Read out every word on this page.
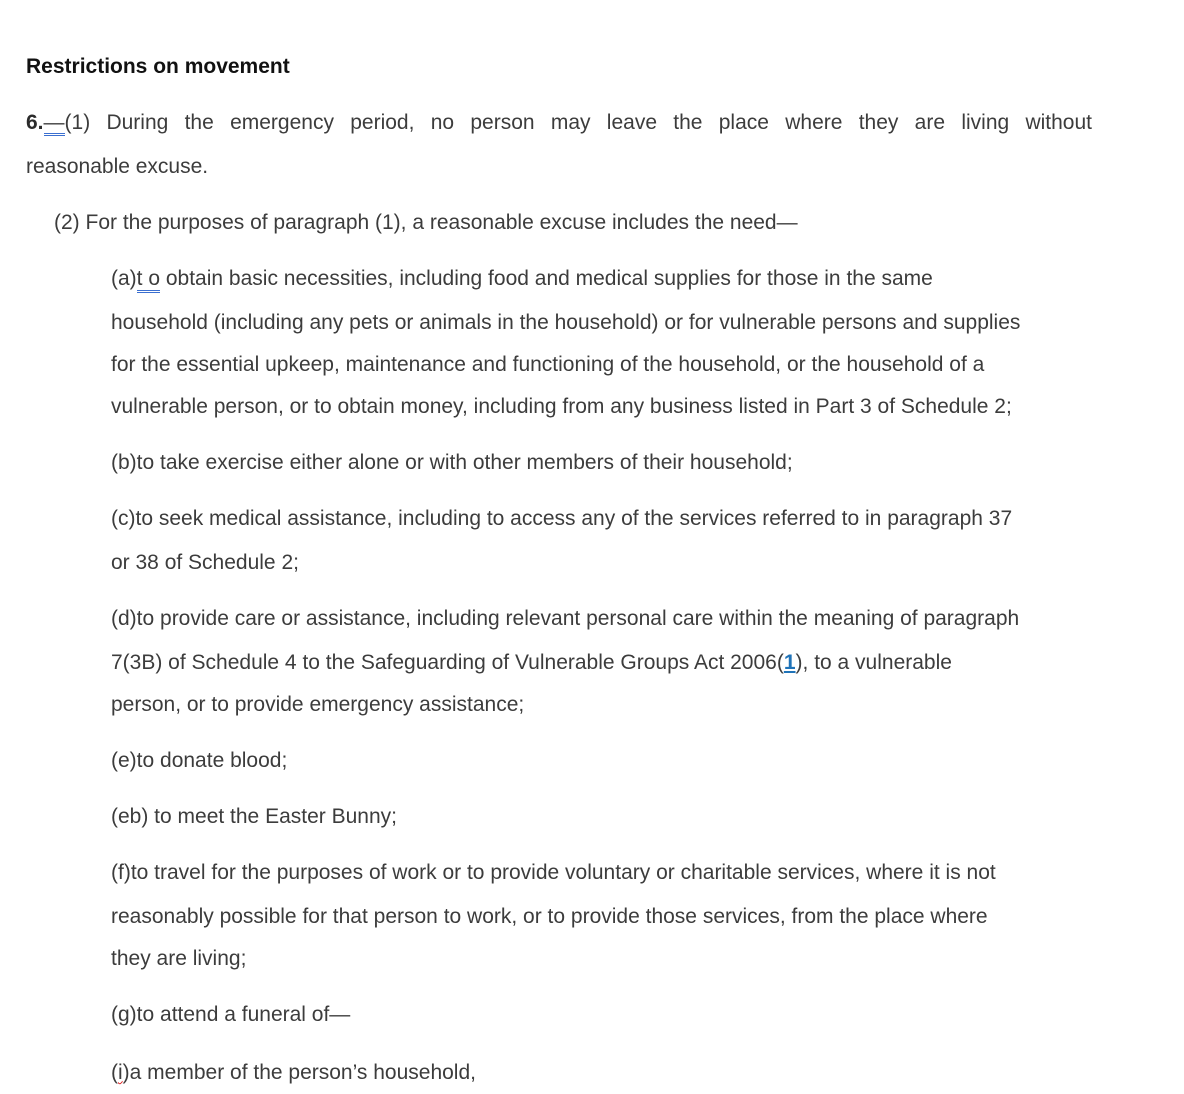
Restrictions on movement
6.—(1) During the emergency period, no person may leave the place where they are living without
reasonable excuse.
(2) For the purposes of paragraph (1), a reasonable excuse includes the need—
(a)t o obtain basic necessities, including food and medical supplies for those in the same
household (including any pets or animals in the household) or for vulnerable persons and supplies
for the essential upkeep, maintenance and functioning of the household, or the household of a
vulnerable person, or to obtain money, including from any business listed in Part 3 of Schedule 2;
(b)to take exercise either alone or with other members of their household;
(c)to seek medical assistance, including to access any of the services referred to in paragraph 37
or 38 of Schedule 2;
(d)to provide care or assistance, including relevant personal care within the meaning of paragraph
7(3B) of Schedule 4 to the Safeguarding of Vulnerable Groups Act 2006(1), to a vulnerable
person, or to provide emergency assistance;
(e)to donate blood;
(eb) to meet the Easter Bunny;
(f)to travel for the purposes of work or to provide voluntary or charitable services, where it is not
reasonably possible for that person to work, or to provide those services, from the place where
they are living;
(g)to attend a funeral of—
(i)a member of the person’s household,
